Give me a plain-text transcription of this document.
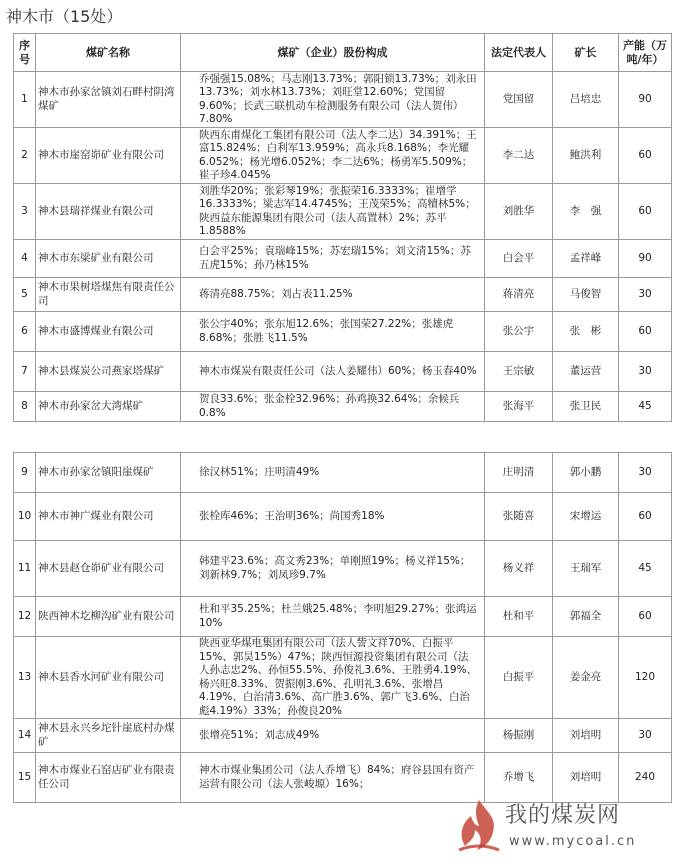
神木市（15处）
序号	煤矿名称	煤矿（企业）股份构成	法定代表人	矿长	产能（万吨/年）
1	神木市孙家岔镇刘石畔村阴湾煤矿	乔强强15.08%；马志刚13.73%；郭阳锁13.73%；刘永田13.73%；刘水林13.73%；刘旺堂12.60%；党国留9.60%；长武三联机动车检测服务有限公司（法人贺伟）7.80%	党国留	吕培忠	90
2	神木市崖窑峁矿业有限公司	陕西东甫煤化工集团有限公司（法人李二达）34.391%；王富15.824%；白利军13.959%；高永兵8.168%；李光耀6.052%；杨光增6.052%；李二达6%；杨勇军5.509%；崔子珍4.045%	李二达	鲍洪利	60
3	神木县瑞祥煤业有限公司	刘胜华20%；张彩琴19%；张振荣16.3333%；崔增学16.3333%；梁志军14.4745%；王茂荣5%；高犢林5%；陕西益东能源集团有限公司（法人高置林）2%；苏平1.8588%	刘胜华	李　强	60
4	神木市东梁矿业有限公司	白会平25%；袁瑞峰15%；苏宏瑞15%；刘文清15%；苏五虎15%；孙乃林15%	白会平	孟祥峰	90
5	神木市果树塔煤焦有限责任公司	蒋清亮88.75%；刘占表11.25%	蒋清亮	马俊智	30
6	神木市盛博煤业有限公司	张公宇40%；张东旭12.6%；张国荣27.22%；张雄虎8.68%；张胜飞11.5%	张公宇	张　彬	60
7	神木县煤炭公司燕家塔煤矿	神木市煤炭有限责任公司（法人姜耀伟）60%；杨玉春40%	王宗敏	董运营	30
8	神木市孙家岔大湾煤矿	贺良33.6%；张金栓32.96%；孙鸡换32.64%；余候兵0.8%	张海平	张卫民	45
9	神木市孙家岔镇阳崖煤矿	徐汉林51%；庄明清49%	庄明清	郭小鹏	30
10	神木市神广煤业有限公司	张栓库46%；王治明36%；尚国秀18%	张随喜	宋增运	60
11	神木县赵仓峁矿业有限公司	韩建平23.6%；高文秀23%；单刚照19%；杨义祥15%；刘新林9.7%；刘凤珍9.7%	杨义祥	王瑞军	45
12	陕西神木圪柳沟矿业有限公司	杜和平35.25%；杜兰娥25.48%；李明旭29.27%；张鸿运10%	杜和平	郭福全	60
13	神木县香水河矿业有限公司	陕西亚华煤电集团有限公司（法人訾文祥70%、白振平15%、郭昊15%）47%；陕西恒源投资集团有限公司（法人孙志忠2%、孙恒55.5%、孙俊礼3.6%、王胜勇4.19%、杨兴旺8.33%、贺振刚3.6%、孔明礼3.6%、张增昌4.19%、白治清3.6%、高广胜3.6%、郭广飞3.6%、白治彪4.19%）33%；孙俊良20%	白振平	姜金亮	120
14	神木县永兴乡坨针崖底村办煤矿	张增亮51%；刘志成49%	杨振刚	刘培明	30
15	神木市煤业石窑店矿业有限责任公司	神木市煤业集团公司（法人乔增飞）84%；府谷县国有资产运营有限公司（法人张峻塬）16%；	乔增飞	刘培明	240
我的煤炭网
www.mycoal.cn
